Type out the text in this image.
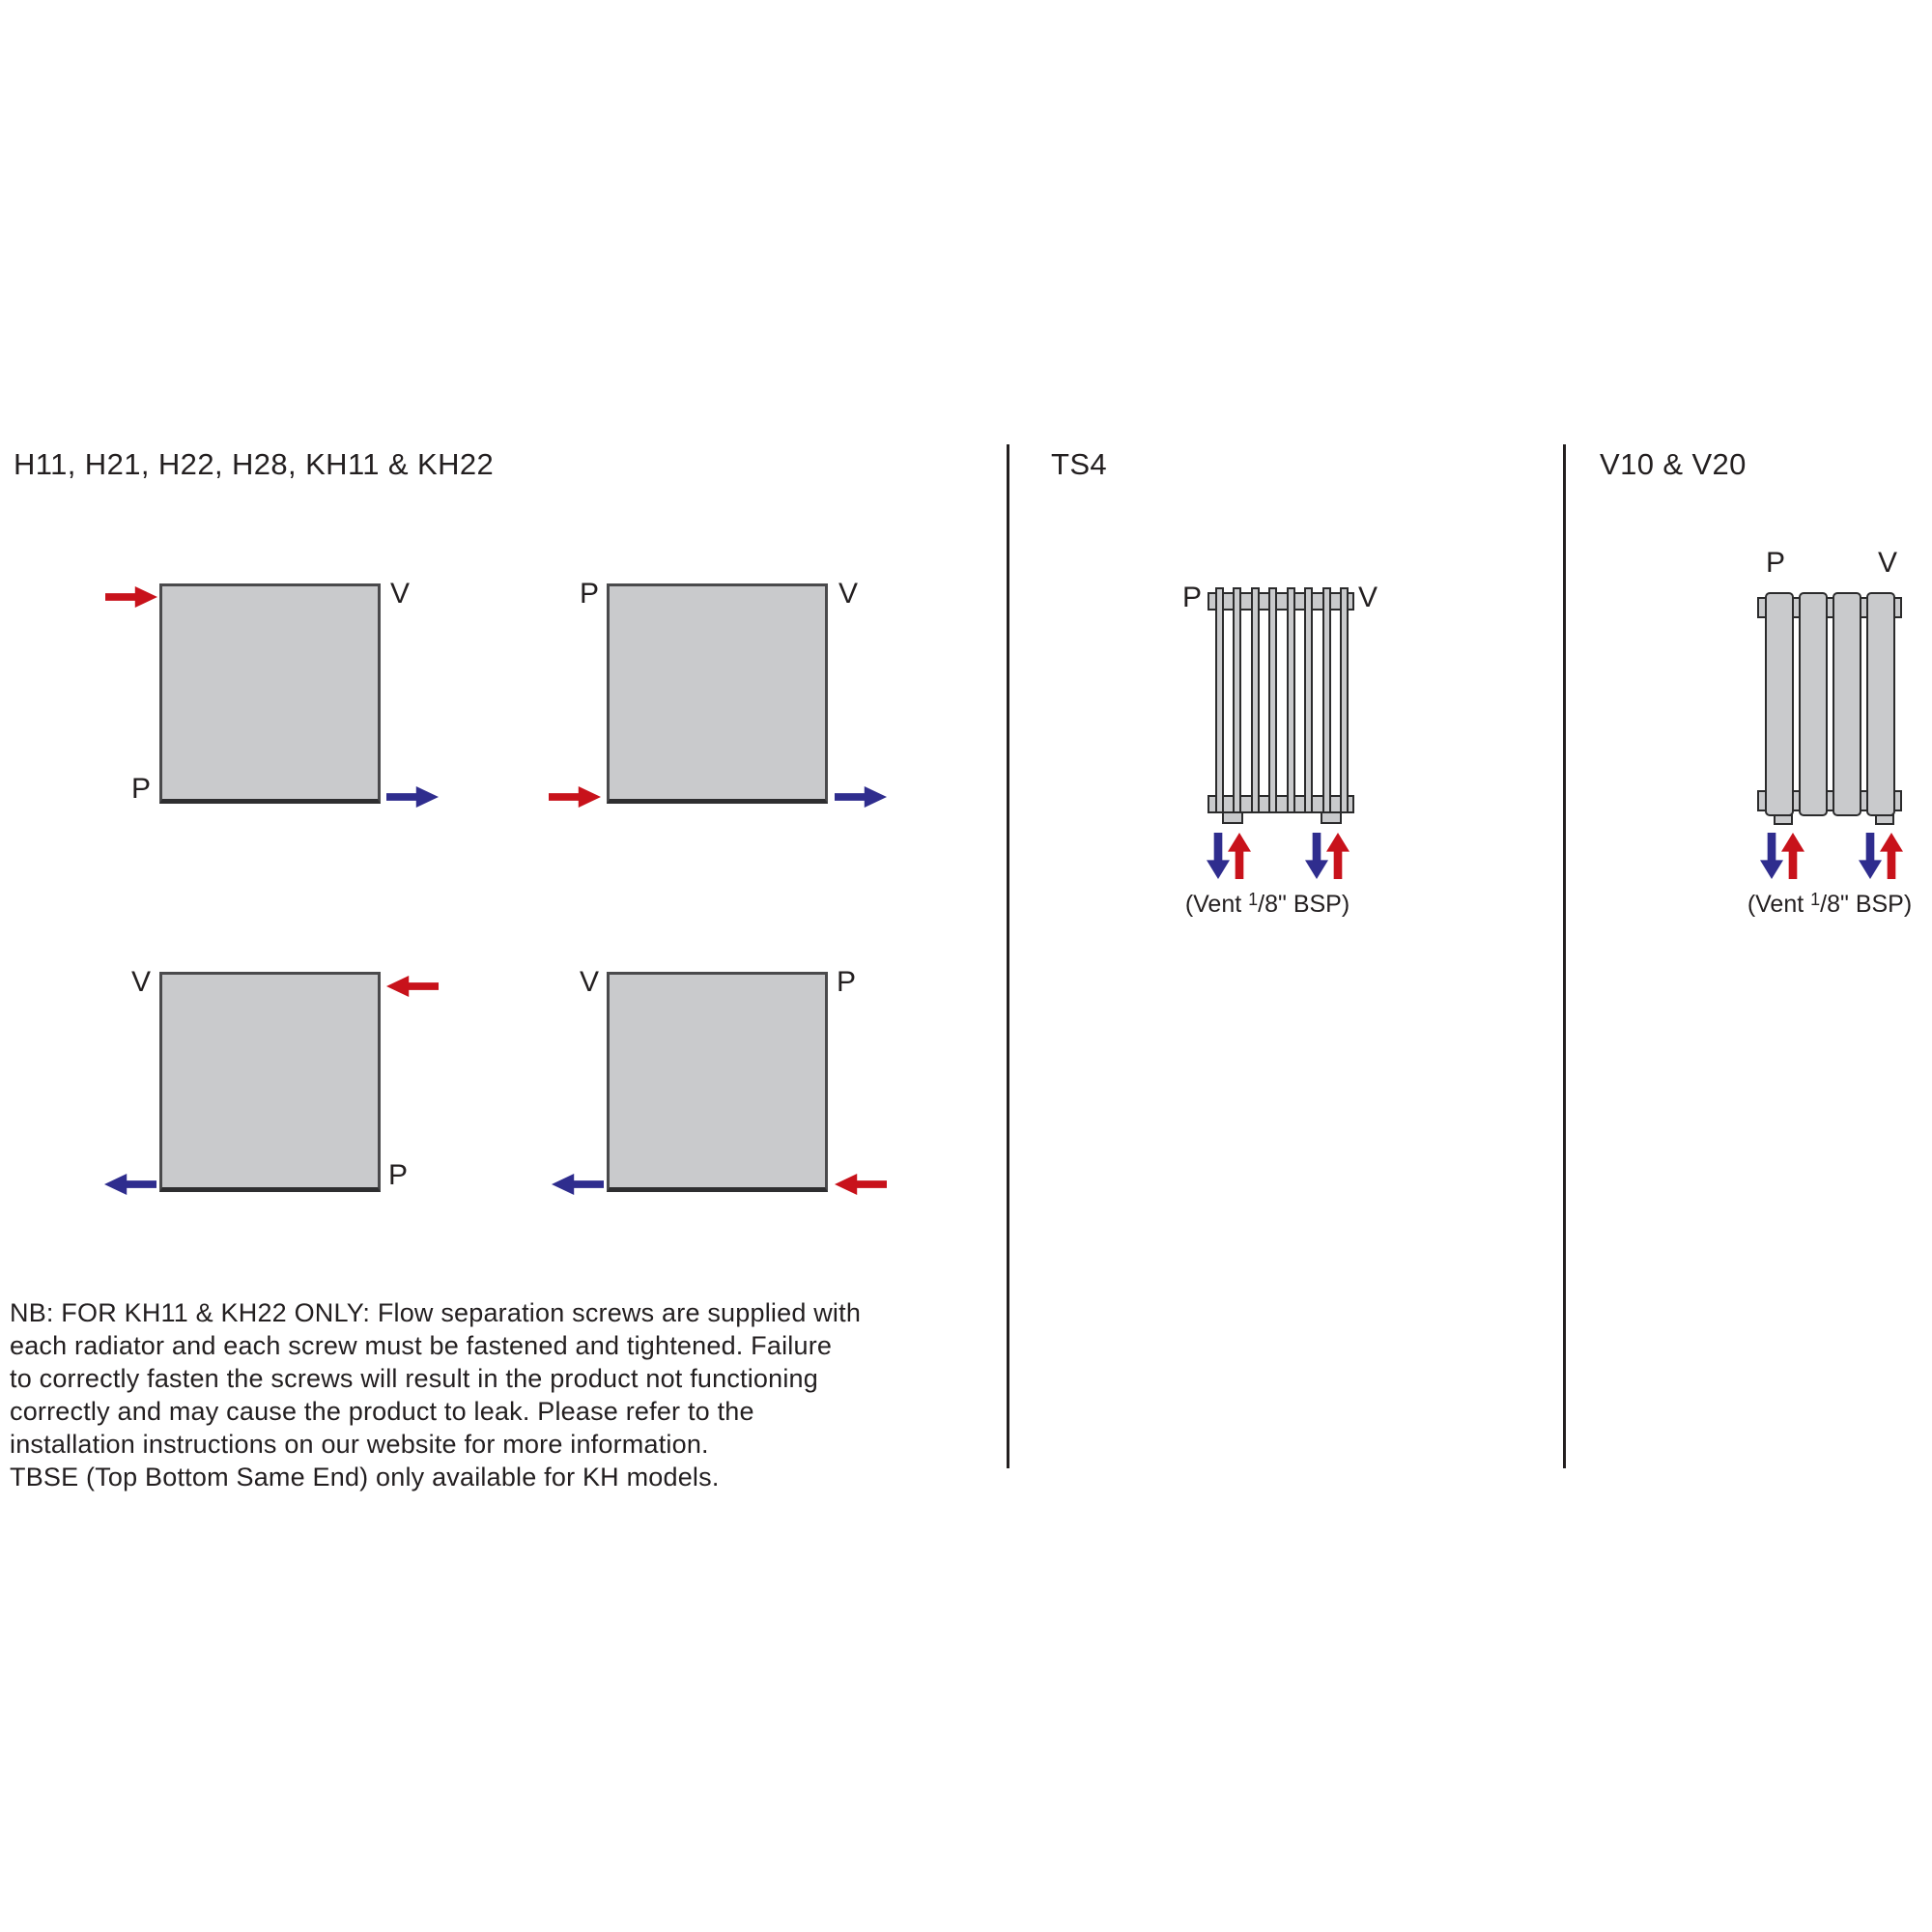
H11, H21, H22, H28, KH11 & KH22
V
P
P	V
V
P
V	P
NB: FOR KH11 & KH22 ONLY: Flow separation screws are supplied with
each radiator and each screw must be fastened and tightened. Failure
to correctly fasten the screws will result in the product not functioning
correctly and may cause the product to leak. Please refer to the
installation instructions on our website for more information.
TBSE (Top Bottom Same End) only available for KH models.
TS4
P	V
(Vent $^1$/8" BSP)
V10 & V20
P	V
(Vent $^1$/8" BSP)
